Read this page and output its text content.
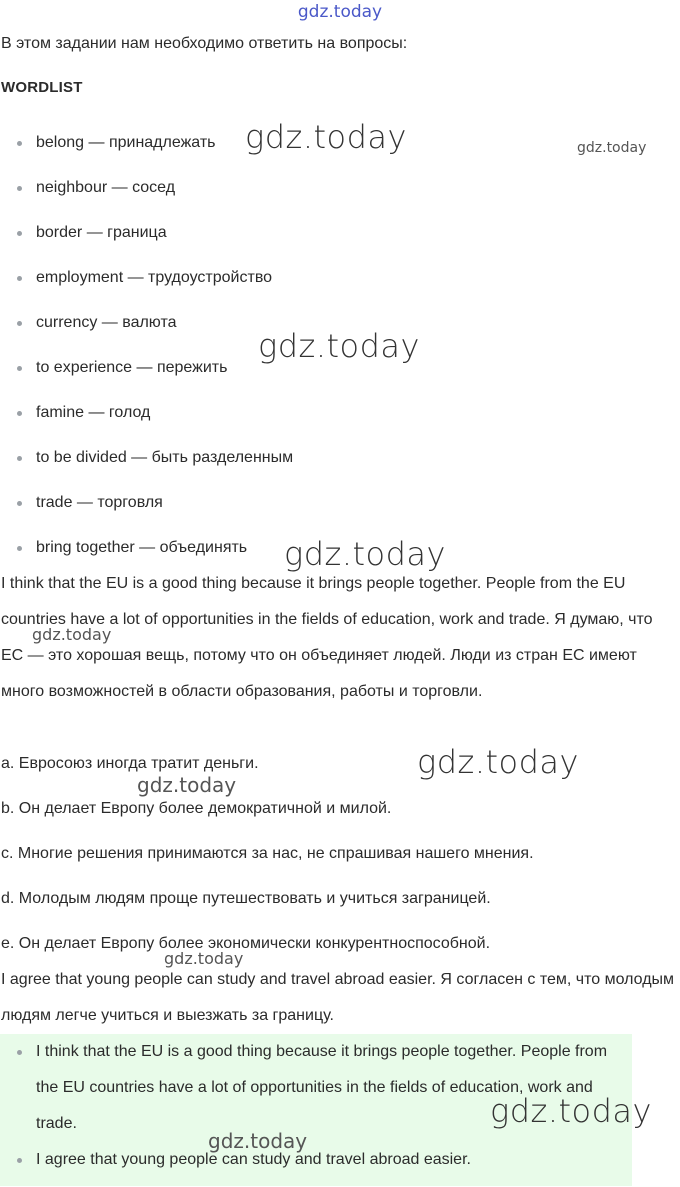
gdz.today

В этом задании нам необходимо ответить на вопросы:

WORDLIST

belong — принадлежать
neighbour — сосед
border — граница
employment — трудоустройство
currency — валюта
to experience — пережить
famine — голод
to be divided — быть разделенным
trade — торговля
bring together — объединять

I think that the EU is a good thing because it brings people together. People from the EU countries have a lot of opportunities in the fields of education, work and trade. Я думаю, что ЕС — это хорошая вещь, потому что он объединяет людей. Люди из стран ЕС имеют много возможностей в области образования, работы и торговли.

a. Евросоюз иногда тратит деньги.

b. Он делает Европу более демократичной и милой.

c. Многие решения принимаются за нас, не спрашивая нашего мнения.

d. Молодым людям проще путешествовать и учиться заграницей.

e. Он делает Европу более экономически конкурентноспособной.

I agree that young people can study and travel abroad easier. Я согласен с тем, что молодым людям легче учиться и выезжать за границу.

I think that the EU is a good thing because it brings people together. People from the EU countries have a lot of opportunities in the fields of education, work and trade.
I agree that young people can study and travel abroad easier.
gdz.today	gdz.today
gdz.today
gdz.today
gdz.today
gdz.today
gdz.today
gdz.today
gdz.today
gdz.today
